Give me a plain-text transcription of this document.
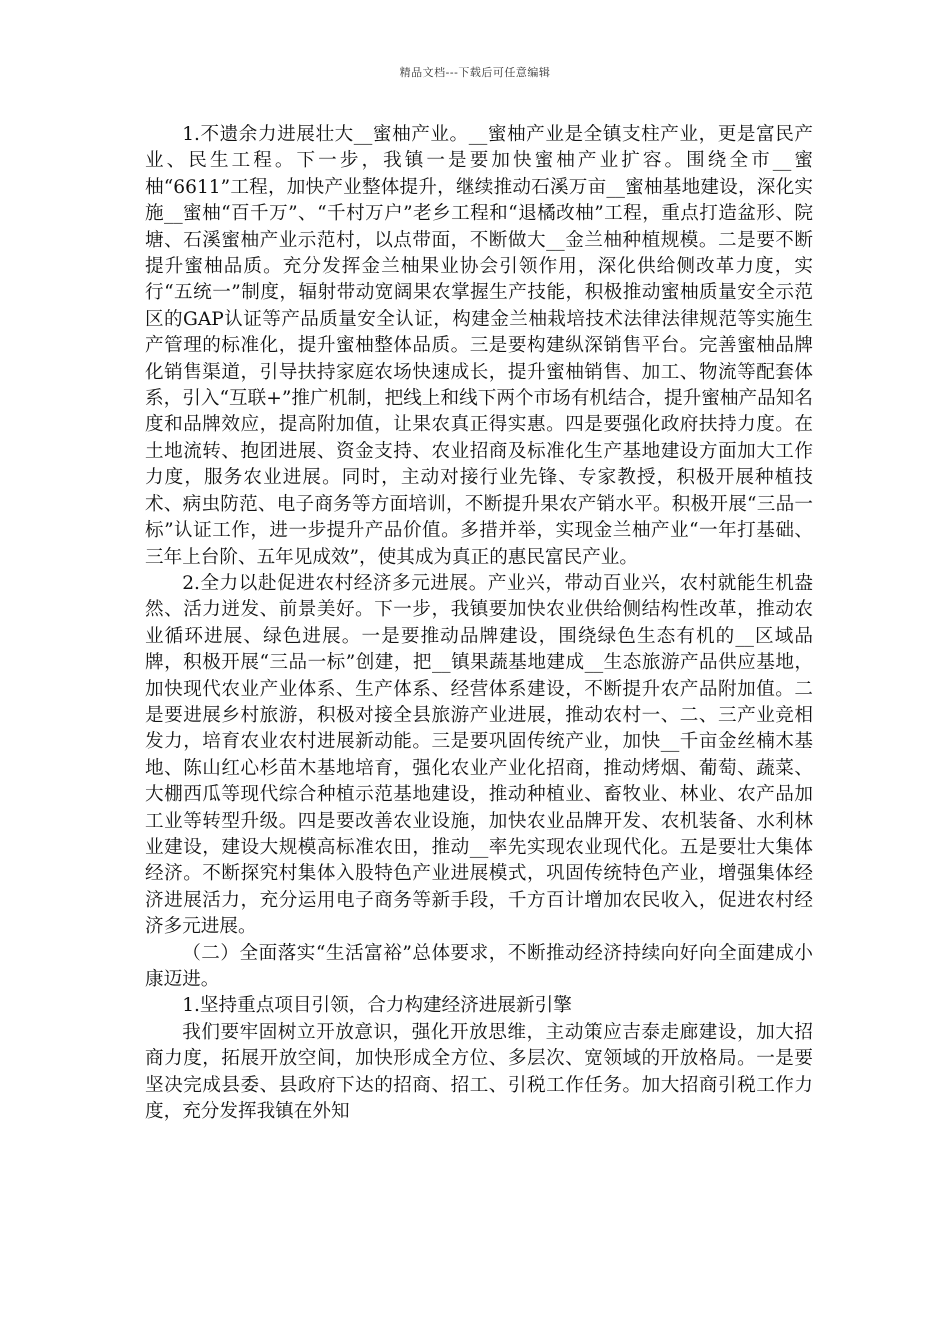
精品文档---下载后可任意编辑

1.不遗余力进展壮大__蜜柚产业。__蜜柚产业是全镇支柱产业，更是富民产业、民生工程。下一步，我镇一是要加快蜜柚产业扩容。围绕全市__蜜柚“6611”工程，加快产业整体提升，继续推动石溪万亩__蜜柚基地建设，深化实施__蜜柚“百千万”、“千村万户”老乡工程和“退橘改柚”工程，重点打造盆形、院塘、石溪蜜柚产业示范村，以点带面，不断做大__金兰柚种植规模。二是要不断提升蜜柚品质。充分发挥金兰柚果业协会引领作用，深化供给侧改革力度，实行“五统一”制度，辐射带动宽阔果农掌握生产技能，积极推动蜜柚质量安全示范区的GAP认证等产品质量安全认证，构建金兰柚栽培技术法律法律规范等实施生产管理的标准化，提升蜜柚整体品质。三是要构建纵深销售平台。完善蜜柚品牌化销售渠道，引导扶持家庭农场快速成长，提升蜜柚销售、加工、物流等配套体系，引入“互联+”推广机制，把线上和线下两个市场有机结合，提升蜜柚产品知名度和品牌效应，提高附加值，让果农真正得实惠。四是要强化政府扶持力度。在土地流转、抱团进展、资金支持、农业招商及标准化生产基地建设方面加大工作力度，服务农业进展。同时，主动对接行业先锋、专家教授，积极开展种植技术、病虫防范、电子商务等方面培训，不断提升果农产销水平。积极开展“三品一标”认证工作，进一步提升产品价值。多措并举，实现金兰柚产业“一年打基础、三年上台阶、五年见成效”，使其成为真正的惠民富民产业。

2.全力以赴促进农村经济多元进展。产业兴，带动百业兴，农村就能生机盎然、活力迸发、前景美好。下一步，我镇要加快农业供给侧结构性改革，推动农业循环进展、绿色进展。一是要推动品牌建设，围绕绿色生态有机的__区域品牌，积极开展“三品一标”创建，把__镇果蔬基地建成__生态旅游产品供应基地，加快现代农业产业体系、生产体系、经营体系建设，不断提升农产品附加值。二是要进展乡村旅游，积极对接全县旅游产业进展，推动农村一、二、三产业竞相发力，培育农业农村进展新动能。三是要巩固传统产业，加快__千亩金丝楠木基地、陈山红心杉苗木基地培育，强化农业产业化招商，推动烤烟、葡萄、蔬菜、大棚西瓜等现代综合种植示范基地建设，推动种植业、畜牧业、林业、农产品加工业等转型升级。四是要改善农业设施，加快农业品牌开发、农机装备、水利林业建设，建设大规模高标准农田，推动__率先实现农业现代化。五是要壮大集体经济。不断探究村集体入股特色产业进展模式，巩固传统特色产业，增强集体经济进展活力，充分运用电子商务等新手段，千方百计增加农民收入，促进农村经济多元进展。

（二）全面落实“生活富裕”总体要求，不断推动经济持续向好向全面建成小康迈进。

1.坚持重点项目引领，合力构建经济进展新引擎

我们要牢固树立开放意识，强化开放思维，主动策应吉泰走廊建设，加大招商力度，拓展开放空间，加快形成全方位、多层次、宽领域的开放格局。一是要坚决完成县委、县政府下达的招商、招工、引税工作任务。加大招商引税工作力度，充分发挥我镇在外知
